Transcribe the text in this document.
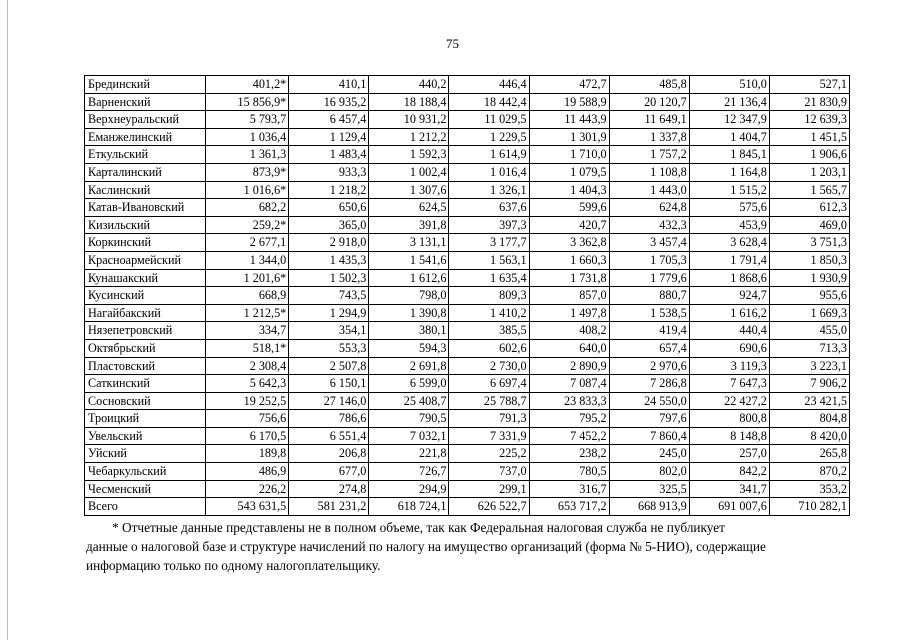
75
Брединский	401,2*	410,1	440,2	446,4	472,7	485,8	510,0	527,1
Варненский	15 856,9*	16 935,2	18 188,4	18 442,4	19 588,9	20 120,7	21 136,4	21 830,9
Верхнеуральский	5 793,7	6 457,4	10 931,2	11 029,5	11 443,9	11 649,1	12 347,9	12 639,3
Еманжелинский	1 036,4	1 129,4	1 212,2	1 229,5	1 301,9	1 337,8	1 404,7	1 451,5
Еткульский	1 361,3	1 483,4	1 592,3	1 614,9	1 710,0	1 757,2	1 845,1	1 906,6
Карталинский	873,9*	933,3	1 002,4	1 016,4	1 079,5	1 108,8	1 164,8	1 203,1
Каслинский	1 016,6*	1 218,2	1 307,6	1 326,1	1 404,3	1 443,0	1 515,2	1 565,7
Катав-Ивановский	682,2	650,6	624,5	637,6	599,6	624,8	575,6	612,3
Кизильский	259,2*	365,0	391,8	397,3	420,7	432,3	453,9	469,0
Коркинский	2 677,1	2 918,0	3 131,1	3 177,7	3 362,8	3 457,4	3 628,4	3 751,3
Красноармейский	1 344,0	1 435,3	1 541,6	1 563,1	1 660,3	1 705,3	1 791,4	1 850,3
Кунашакский	1 201,6*	1 502,3	1 612,6	1 635,4	1 731,8	1 779,6	1 868,6	1 930,9
Кусинский	668,9	743,5	798,0	809,3	857,0	880,7	924,7	955,6
Нагайбакский	1 212,5*	1 294,9	1 390,8	1 410,2	1 497,8	1 538,5	1 616,2	1 669,3
Нязепетровский	334,7	354,1	380,1	385,5	408,2	419,4	440,4	455,0
Октябрьский	518,1*	553,3	594,3	602,6	640,0	657,4	690,6	713,3
Пластовский	2 308,4	2 507,8	2 691,8	2 730,0	2 890,9	2 970,6	3 119,3	3 223,1
Саткинский	5 642,3	6 150,1	6 599,0	6 697,4	7 087,4	7 286,8	7 647,3	7 906,2
Сосновский	19 252,5	27 146,0	25 408,7	25 788,7	23 833,3	24 550,0	22 427,2	23 421,5
Троицкий	756,6	786,6	790,5	791,3	795,2	797,6	800,8	804,8
Увельский	6 170,5	6 551,4	7 032,1	7 331,9	7 452,2	7 860,4	8 148,8	8 420,0
Уйский	189,8	206,8	221,8	225,2	238,2	245,0	257,0	265,8
Чебаркульский	486,9	677,0	726,7	737,0	780,5	802,0	842,2	870,2
Чесменский	226,2	274,8	294,9	299,1	316,7	325,5	341,7	353,2
Всего	543 631,5	581 231,2	618 724,1	626 522,7	653 717,2	668 913,9	691 007,6	710 282,1
* Отчетные данные представлены не в полном объеме, так как Федеральная налоговая служба не публикует
данные о налоговой базе и структуре начислений по налогу на имущество организаций (форма № 5-НИО), содержащие
информацию только по одному налогоплательщику.
